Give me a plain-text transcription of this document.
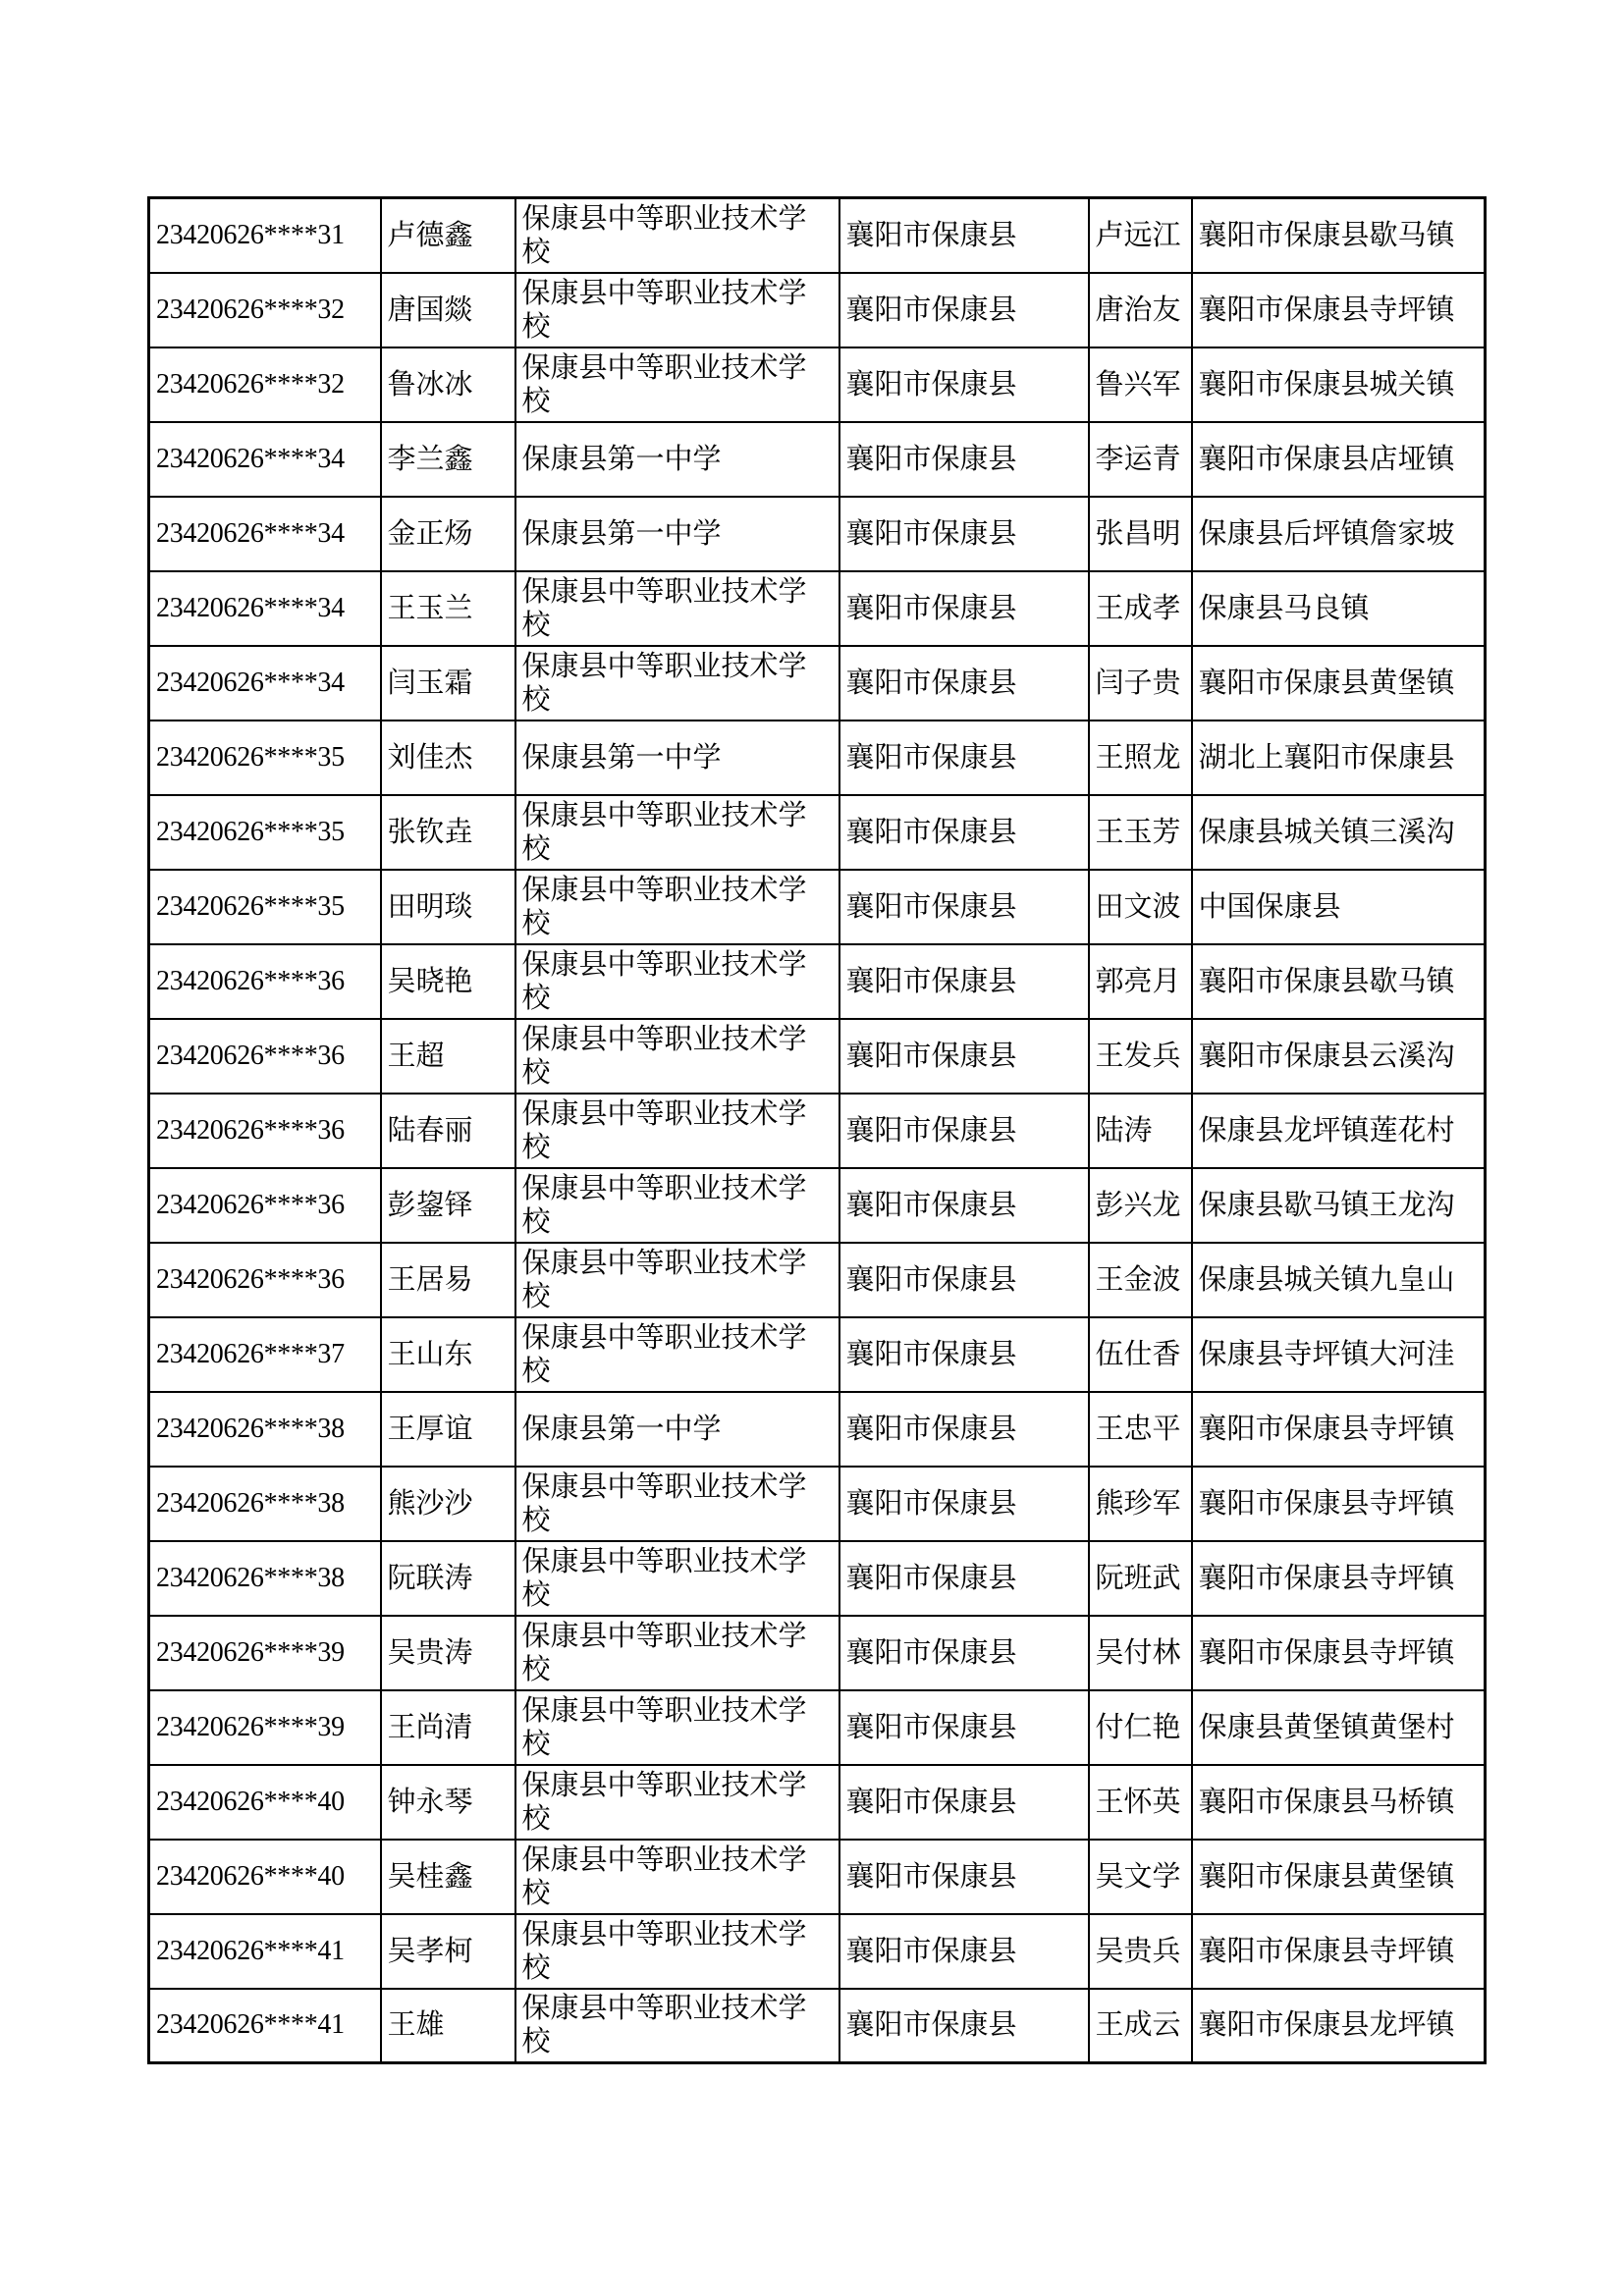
23420626****31	卢德鑫	保康县中等职业技术学校	襄阳市保康县	卢远江	襄阳市保康县歇马镇
23420626****32	唐国燚	保康县中等职业技术学校	襄阳市保康县	唐治友	襄阳市保康县寺坪镇
23420626****32	鲁冰冰	保康县中等职业技术学校	襄阳市保康县	鲁兴军	襄阳市保康县城关镇
23420626****34	李兰鑫	保康县第一中学	襄阳市保康县	李运青	襄阳市保康县店垭镇
23420626****34	金正炀	保康县第一中学	襄阳市保康县	张昌明	保康县后坪镇詹家坡
23420626****34	王玉兰	保康县中等职业技术学校	襄阳市保康县	王成孝	保康县马良镇
23420626****34	闫玉霜	保康县中等职业技术学校	襄阳市保康县	闫子贵	襄阳市保康县黄堡镇
23420626****35	刘佳杰	保康县第一中学	襄阳市保康县	王照龙	湖北上襄阳市保康县
23420626****35	张钦垚	保康县中等职业技术学校	襄阳市保康县	王玉芳	保康县城关镇三溪沟
23420626****35	田明琰	保康县中等职业技术学校	襄阳市保康县	田文波	中国保康县
23420626****36	吴晓艳	保康县中等职业技术学校	襄阳市保康县	郭亮月	襄阳市保康县歇马镇
23420626****36	王超	保康县中等职业技术学校	襄阳市保康县	王发兵	襄阳市保康县云溪沟
23420626****36	陆春丽	保康县中等职业技术学校	襄阳市保康县	陆涛	保康县龙坪镇莲花村
23420626****36	彭鋆铎	保康县中等职业技术学校	襄阳市保康县	彭兴龙	保康县歇马镇王龙沟
23420626****36	王居易	保康县中等职业技术学校	襄阳市保康县	王金波	保康县城关镇九皇山
23420626****37	王山东	保康县中等职业技术学校	襄阳市保康县	伍仕香	保康县寺坪镇大河洼
23420626****38	王厚谊	保康县第一中学	襄阳市保康县	王忠平	襄阳市保康县寺坪镇
23420626****38	熊沙沙	保康县中等职业技术学校	襄阳市保康县	熊珍军	襄阳市保康县寺坪镇
23420626****38	阮联涛	保康县中等职业技术学校	襄阳市保康县	阮班武	襄阳市保康县寺坪镇
23420626****39	吴贵涛	保康县中等职业技术学校	襄阳市保康县	吴付林	襄阳市保康县寺坪镇
23420626****39	王尚清	保康县中等职业技术学校	襄阳市保康县	付仁艳	保康县黄堡镇黄堡村
23420626****40	钟永琴	保康县中等职业技术学校	襄阳市保康县	王怀英	襄阳市保康县马桥镇
23420626****40	吴桂鑫	保康县中等职业技术学校	襄阳市保康县	吴文学	襄阳市保康县黄堡镇
23420626****41	吴孝柯	保康县中等职业技术学校	襄阳市保康县	吴贵兵	襄阳市保康县寺坪镇
23420626****41	王雄	保康县中等职业技术学校	襄阳市保康县	王成云	襄阳市保康县龙坪镇
